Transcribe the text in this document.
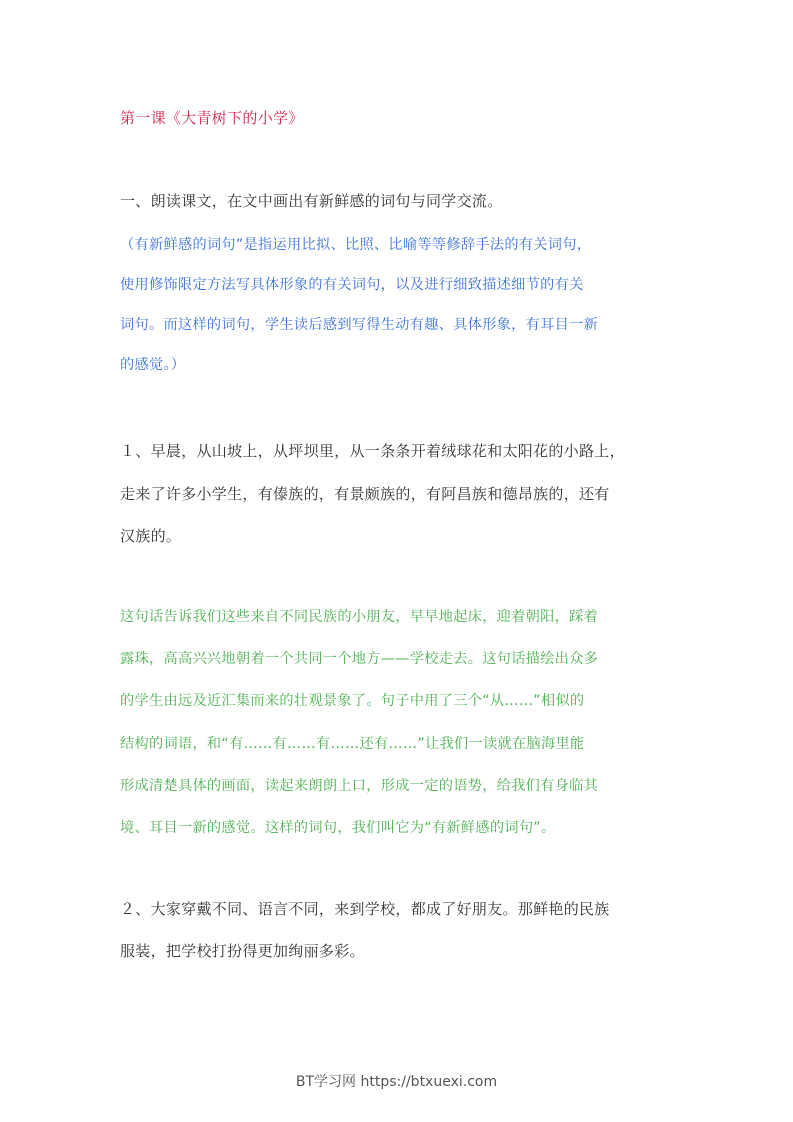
第一课《大青树下的小学》
一、朗读课文，在文中画出有新鲜感的词句与同学交流。
（有新鲜感的词句”是指运用比拟、比照、比喻等等修辞手法的有关词句，
使用修饰限定方法写具体形象的有关词句，以及进行细致描述细节的有关
词句。而这样的词句，学生读后感到写得生动有趣、具体形象，有耳目一新
的感觉。）
１、早晨，从山坡上，从坪坝里，从一条条开着绒球花和太阳花的小路上，
走来了许多小学生，有傣族的，有景颇族的，有阿昌族和德昂族的，还有
汉族的。
这句话告诉我们这些来自不同民族的小朋友，早早地起床，迎着朝阳，踩着
露珠，高高兴兴地朝着一个共同一个地方——学校走去。这句话描绘出众多
的学生由远及近汇集而来的壮观景象了。句子中用了三个“从……”相似的
结构的词语，和“有……有……有……还有……”让我们一读就在脑海里能
形成清楚具体的画面，读起来朗朗上口，形成一定的语势，给我们有身临其
境、耳目一新的感觉。这样的词句，我们叫它为“有新鲜感的词句”。
２、大家穿戴不同、语言不同，来到学校，都成了好朋友。那鲜艳的民族
服装，把学校打扮得更加绚丽多彩。
BT学习网 https://btxuexi.com
